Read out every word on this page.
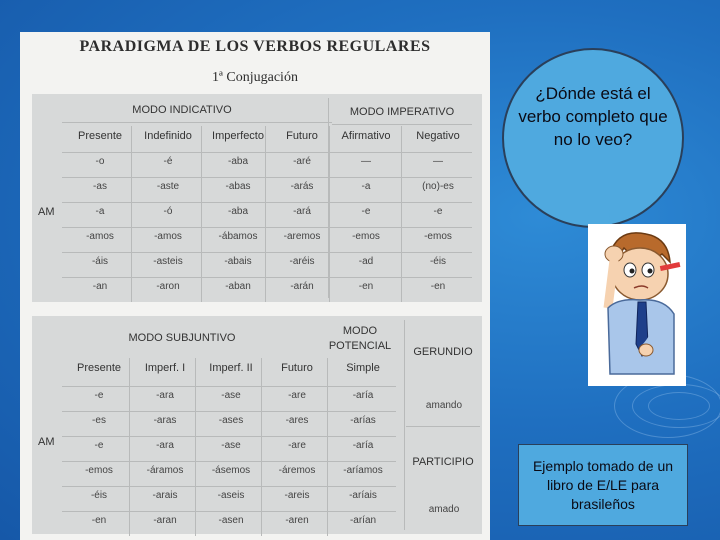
PARADIGMA DE LOS VERBOS REGULARES
1ª Conjugación
MODO INDICATIVO	MODO IMPERATIVO
AM
Presente	Indefinido	Imperfecto	Futuro	Afirmativo	Negativo
-o	-é	-aba	-aré	—	—
-as	-aste	-abas	-arás	-a	(no)-es
-a	-ó	-aba	-ará	-e	-e
-amos	-amos	-ábamos	-aremos	-emos	-emos
-áis	-asteis	-abais	-aréis	-ad	-éis
-an	-aron	-aban	-arán	-en	-en
MODO SUBJUNTIVO
MODO POTENCIAL	GERUNDIO
amando
PARTICIPIO
amado
AM
Presente	Imperf. I	Imperf. II	Futuro	Simple
-e	-ara	-ase	-are	-aría
-es	-aras	-ases	-ares	-arías
-e	-ara	-ase	-are	-aría
-emos	-áramos	-ásemos	-áremos	-aríamos
-éis	-arais	-aseis	-areis	-aríais
-en	-aran	-asen	-aren	-arían
¿Dónde está el verbo completo que no lo veo?
Ejemplo tomado de un libro de E/LE para brasileños
